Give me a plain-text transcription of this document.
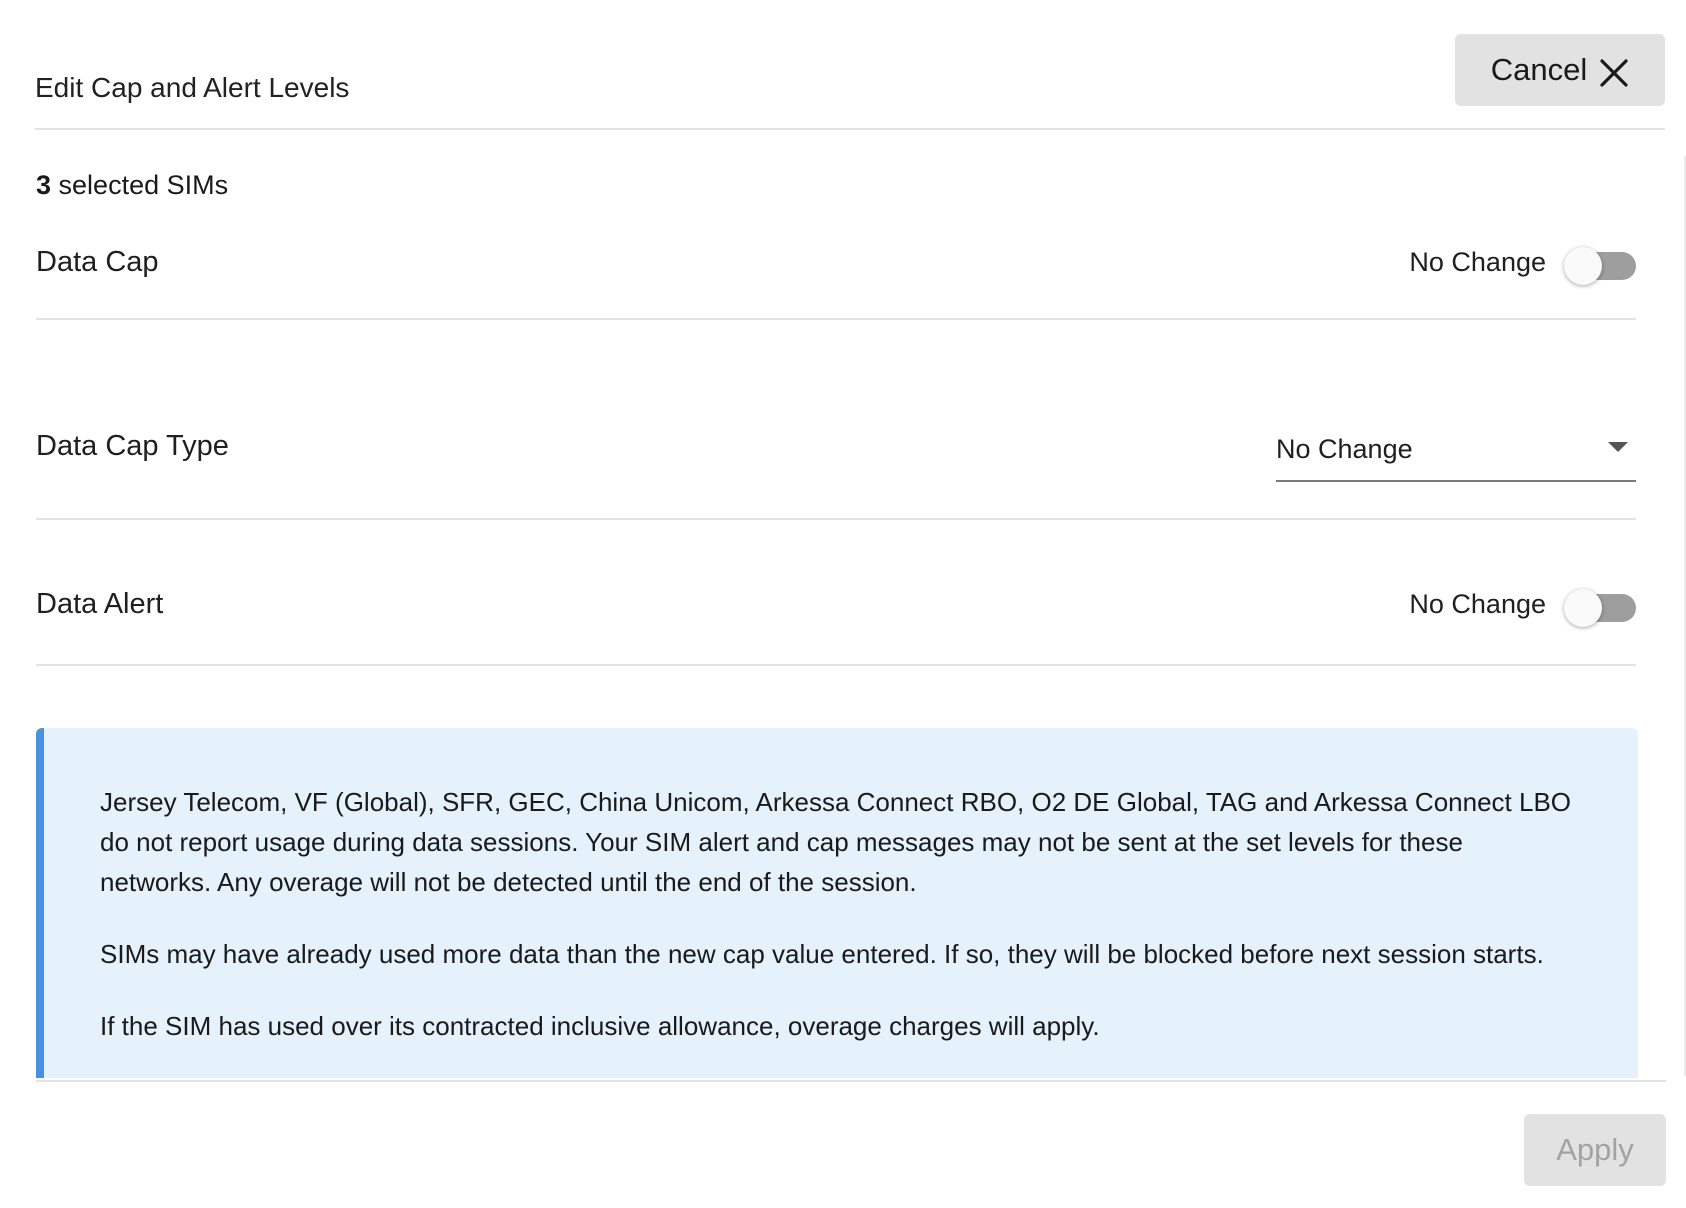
Edit Cap and Alert Levels
Cancel
3 selected SIMs
Data Cap	No Change
Data Cap Type	No Change
Data Alert	No Change

Jersey Telecom, VF (Global), SFR, GEC, China Unicom, Arkessa Connect RBO, O2 DE Global, TAG and Arkessa Connect LBO do not report usage during data sessions. Your SIM alert and cap messages may not be sent at the set levels for these networks. Any overage will not be detected until the end of the session.

SIMs may have already used more data than the new cap value entered. If so, they will be blocked before next session starts.

If the SIM has used over its contracted inclusive allowance, overage charges will apply.

Apply
